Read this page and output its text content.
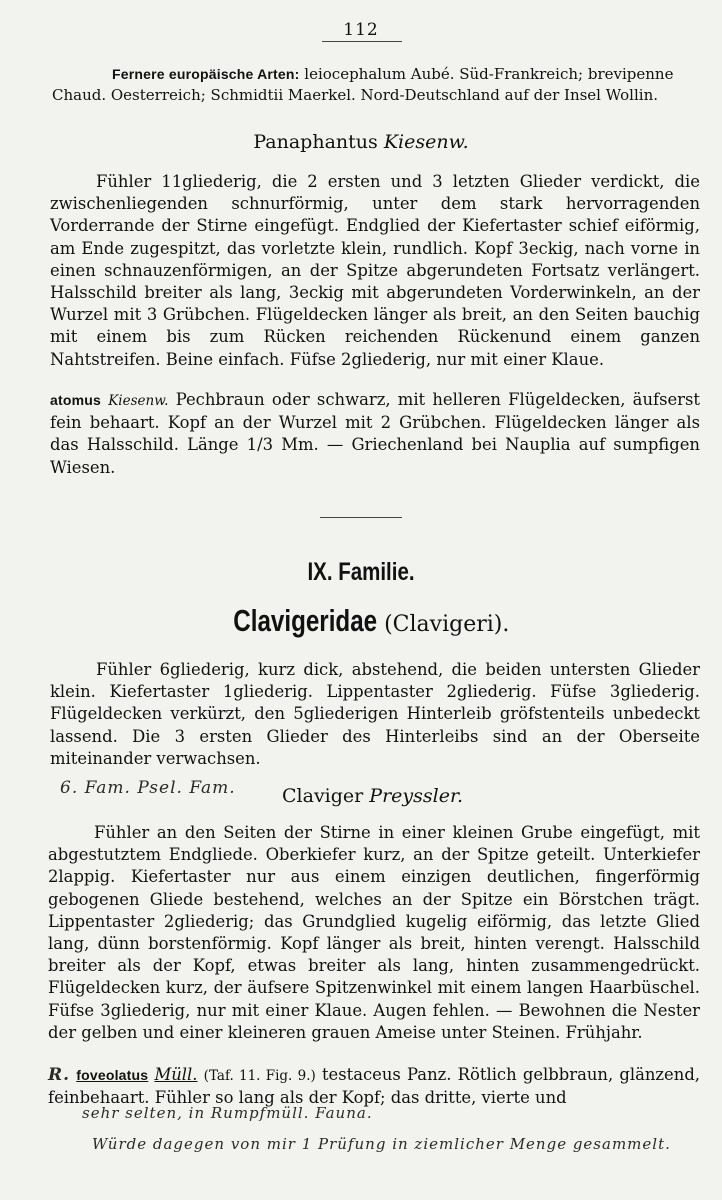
112

Fernere europäische Arten: leiocephalum Aubé. Süd-Frankreich; brevipenne

Chaud. Oesterreich; Schmidtii Maerkel. Nord-Deutschland auf der Insel Wollin.

Panaphantus Kiesenw.

Fühler 11gliederig, die 2 ersten und 3 letzten Glieder verdickt, die zwischenliegenden schnurförmig, unter dem stark hervorragenden Vorderrande der Stirne eingefügt. Endglied der Kiefertaster schief eiförmig, am Ende zugespitzt, das vorletzte klein, rundlich. Kopf 3eckig, nach vorne in einen schnauzenförmigen, an der Spitze abgerundeten Fortsatz verlängert. Halsschild breiter als lang, 3eckig mit abgerundeten Vorderwinkeln, an der Wurzel mit 3 Grübchen. Flügeldecken länger als breit, an den Seiten bauchig mit einem bis zum Rücken reichenden Rückenund einem ganzen Nahtstreifen. Beine einfach. Füfse 2gliederig, nur mit einer Klaue.

atomus Kiesenw. Pechbraun oder schwarz, mit helleren Flügeldecken, äufserst fein behaart. Kopf an der Wurzel mit 2 Grübchen. Flügeldecken länger als das Halsschild. Länge 1/3 Mm. — Griechenland bei Nauplia auf sumpfigen Wiesen.

IX. Familie.
Clavigeridae (Clavigeri).

Fühler 6gliederig, kurz dick, abstehend, die beiden untersten Glieder klein. Kiefertaster 1gliederig. Lippentaster 2gliederig. Füfse 3gliederig. Flügeldecken verkürzt, den 5gliederigen Hinterleib gröfstenteils unbedeckt lassend. Die 3 ersten Glieder des Hinterleibs sind an der Oberseite miteinander verwachsen.

6. Fam. Psel. Fam. Claviger Preyssler.

Fühler an den Seiten der Stirne in einer kleinen Grube eingefügt, mit abgestutztem Endgliede. Oberkiefer kurz, an der Spitze geteilt. Unterkiefer 2lappig. Kiefertaster nur aus einem einzigen deutlichen, fingerförmig gebogenen Gliede bestehend, welches an der Spitze ein Börstchen trägt. Lippentaster 2gliederig; das Grundglied kugelig eiförmig, das letzte Glied lang, dünn borstenförmig. Kopf länger als breit, hinten verengt. Halsschild breiter als der Kopf, etwas breiter als lang, hinten zusammengedrückt. Flügeldecken kurz, der äufsere Spitzenwinkel mit einem langen Haarbüschel. Füfse 3gliederig, nur mit einer Klaue. Augen fehlen. — Bewohnen die Nester der gelben und einer kleineren grauen Ameise unter Steinen. Frühjahr.

R. foveolatus Müll. (Taf. 11. Fig. 9.) testaceus Panz. Rötlich gelbbraun, glänzend, feinbehaart. Fühler so lang als der Kopf; das dritte, vierte und

sehr selten, in Rumpfmüll. Fauna.
Würde dagegen von mir 1 Prüfung in ziemlicher Menge gesammelt.
